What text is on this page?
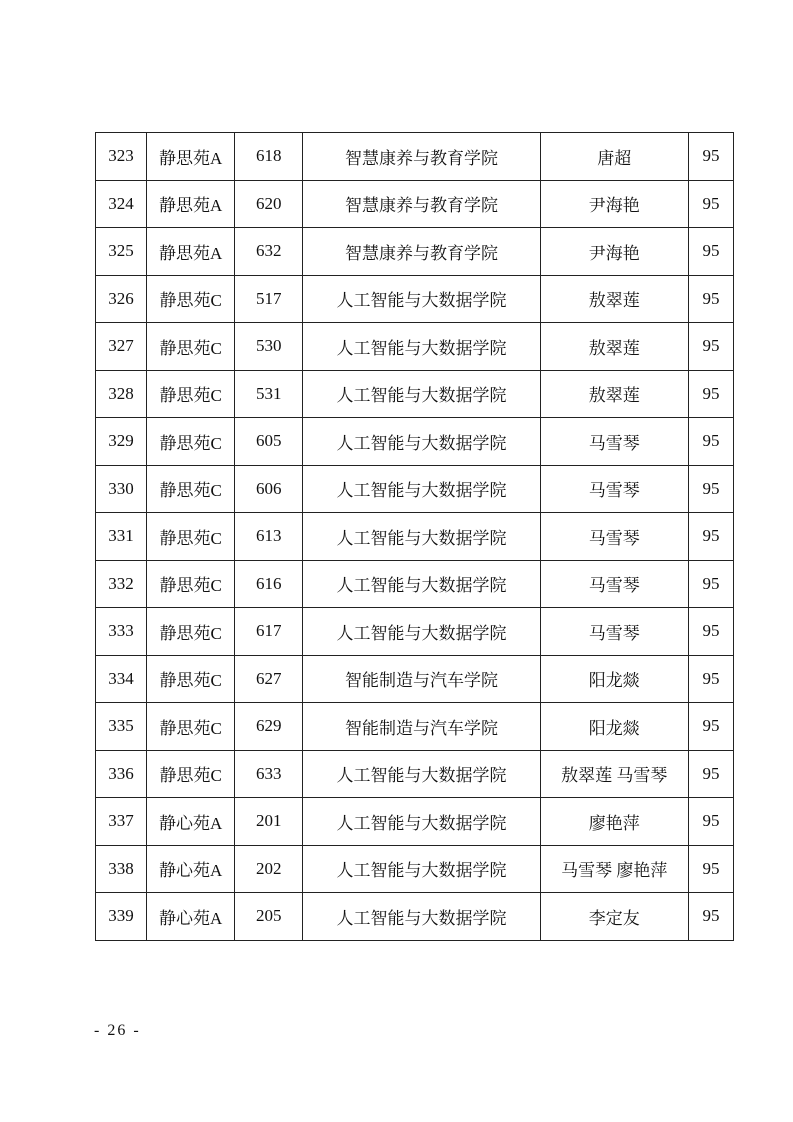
323	静思苑A	618	智慧康养与教育学院	唐超	95
324	静思苑A	620	智慧康养与教育学院	尹海艳	95
325	静思苑A	632	智慧康养与教育学院	尹海艳	95
326	静思苑C	517	人工智能与大数据学院	敖翠莲	95
327	静思苑C	530	人工智能与大数据学院	敖翠莲	95
328	静思苑C	531	人工智能与大数据学院	敖翠莲	95
329	静思苑C	605	人工智能与大数据学院	马雪琴	95
330	静思苑C	606	人工智能与大数据学院	马雪琴	95
331	静思苑C	613	人工智能与大数据学院	马雪琴	95
332	静思苑C	616	人工智能与大数据学院	马雪琴	95
333	静思苑C	617	人工智能与大数据学院	马雪琴	95
334	静思苑C	627	智能制造与汽车学院	阳龙燚	95
335	静思苑C	629	智能制造与汽车学院	阳龙燚	95
336	静思苑C	633	人工智能与大数据学院	敖翠莲 马雪琴	95
337	静心苑A	201	人工智能与大数据学院	廖艳萍	95
338	静心苑A	202	人工智能与大数据学院	马雪琴 廖艳萍	95
339	静心苑A	205	人工智能与大数据学院	李定友	95
- 26 -
